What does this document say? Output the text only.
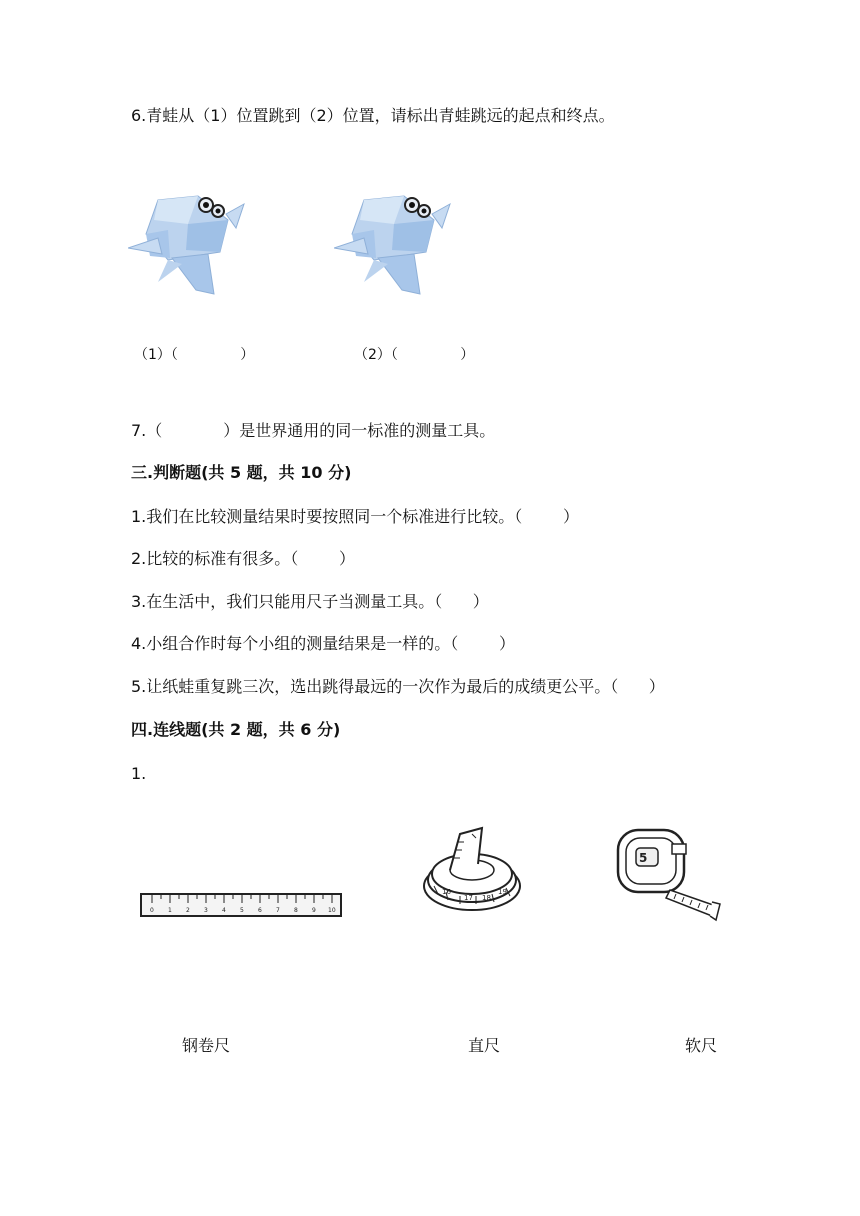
6.青蛙从（1）位置跳到（2）位置，请标出青蛙跳远的起点和终点。
（1）（              ）	（2）（              ）
7.（            ）是世界通用的同一标准的测量工具。
三.判断题(共 5 题，共 10 分)
1.我们在比较测量结果时要按照同一个标准进行比较。（        ）
2.比较的标准有很多。（        ）
3.在生活中，我们只能用尺子当测量工具。（      ）
4.小组合作时每个小组的测量结果是一样的。（        ）
5.让纸蛙重复跳三次，选出跳得最远的一次作为最后的成绩更公平。（      ）
四.连线题(共 2 题，共 6 分)
1.
0 1 2 3 4 5 6 7 8 9 10
16
17 18
19
5
钢卷尺	直尺	软尺
